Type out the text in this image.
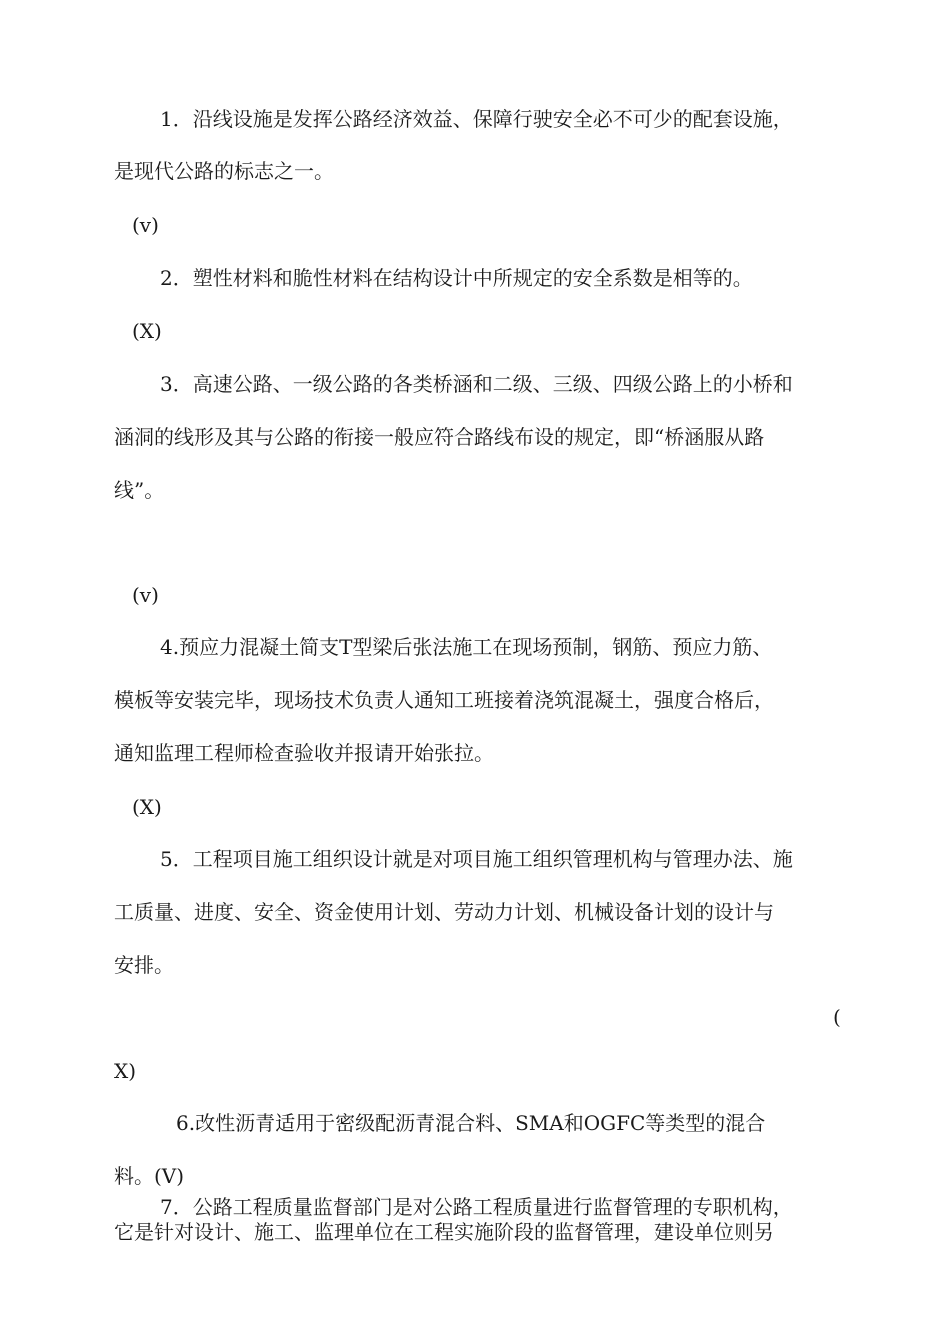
1．沿线设施是发挥公路经济效益、保障行驶安全必不可少的配套设施，
是现代公路的标志之一。
(v)
2．塑性材料和脆性材料在结构设计中所规定的安全系数是相等的。
(X)
3．高速公路、一级公路的各类桥涵和二级、三级、四级公路上的小桥和
涵洞的线形及其与公路的衔接一般应符合路线布设的规定，即“桥涵服从路
线”。
(v)
4.预应力混凝土简支T型梁后张法施工在现场预制，钢筋、预应力筋、
模板等安装完毕，现场技术负责人通知工班接着浇筑混凝土，强度合格后，
通知监理工程师检查验收并报请开始张拉。
(X)
5．工程项目施工组织设计就是对项目施工组织管理机构与管理办法、施
工质量、进度、安全、资金使用计划、劳动力计划、机械设备计划的设计与
安排。
(
X)
6.改性沥青适用于密级配沥青混合料、SMA和OGFC等类型的混合
料。(V)
7．公路工程质量监督部门是对公路工程质量进行监督管理的专职机构，
它是针对设计、施工、监理单位在工程实施阶段的监督管理，建设单位则另
